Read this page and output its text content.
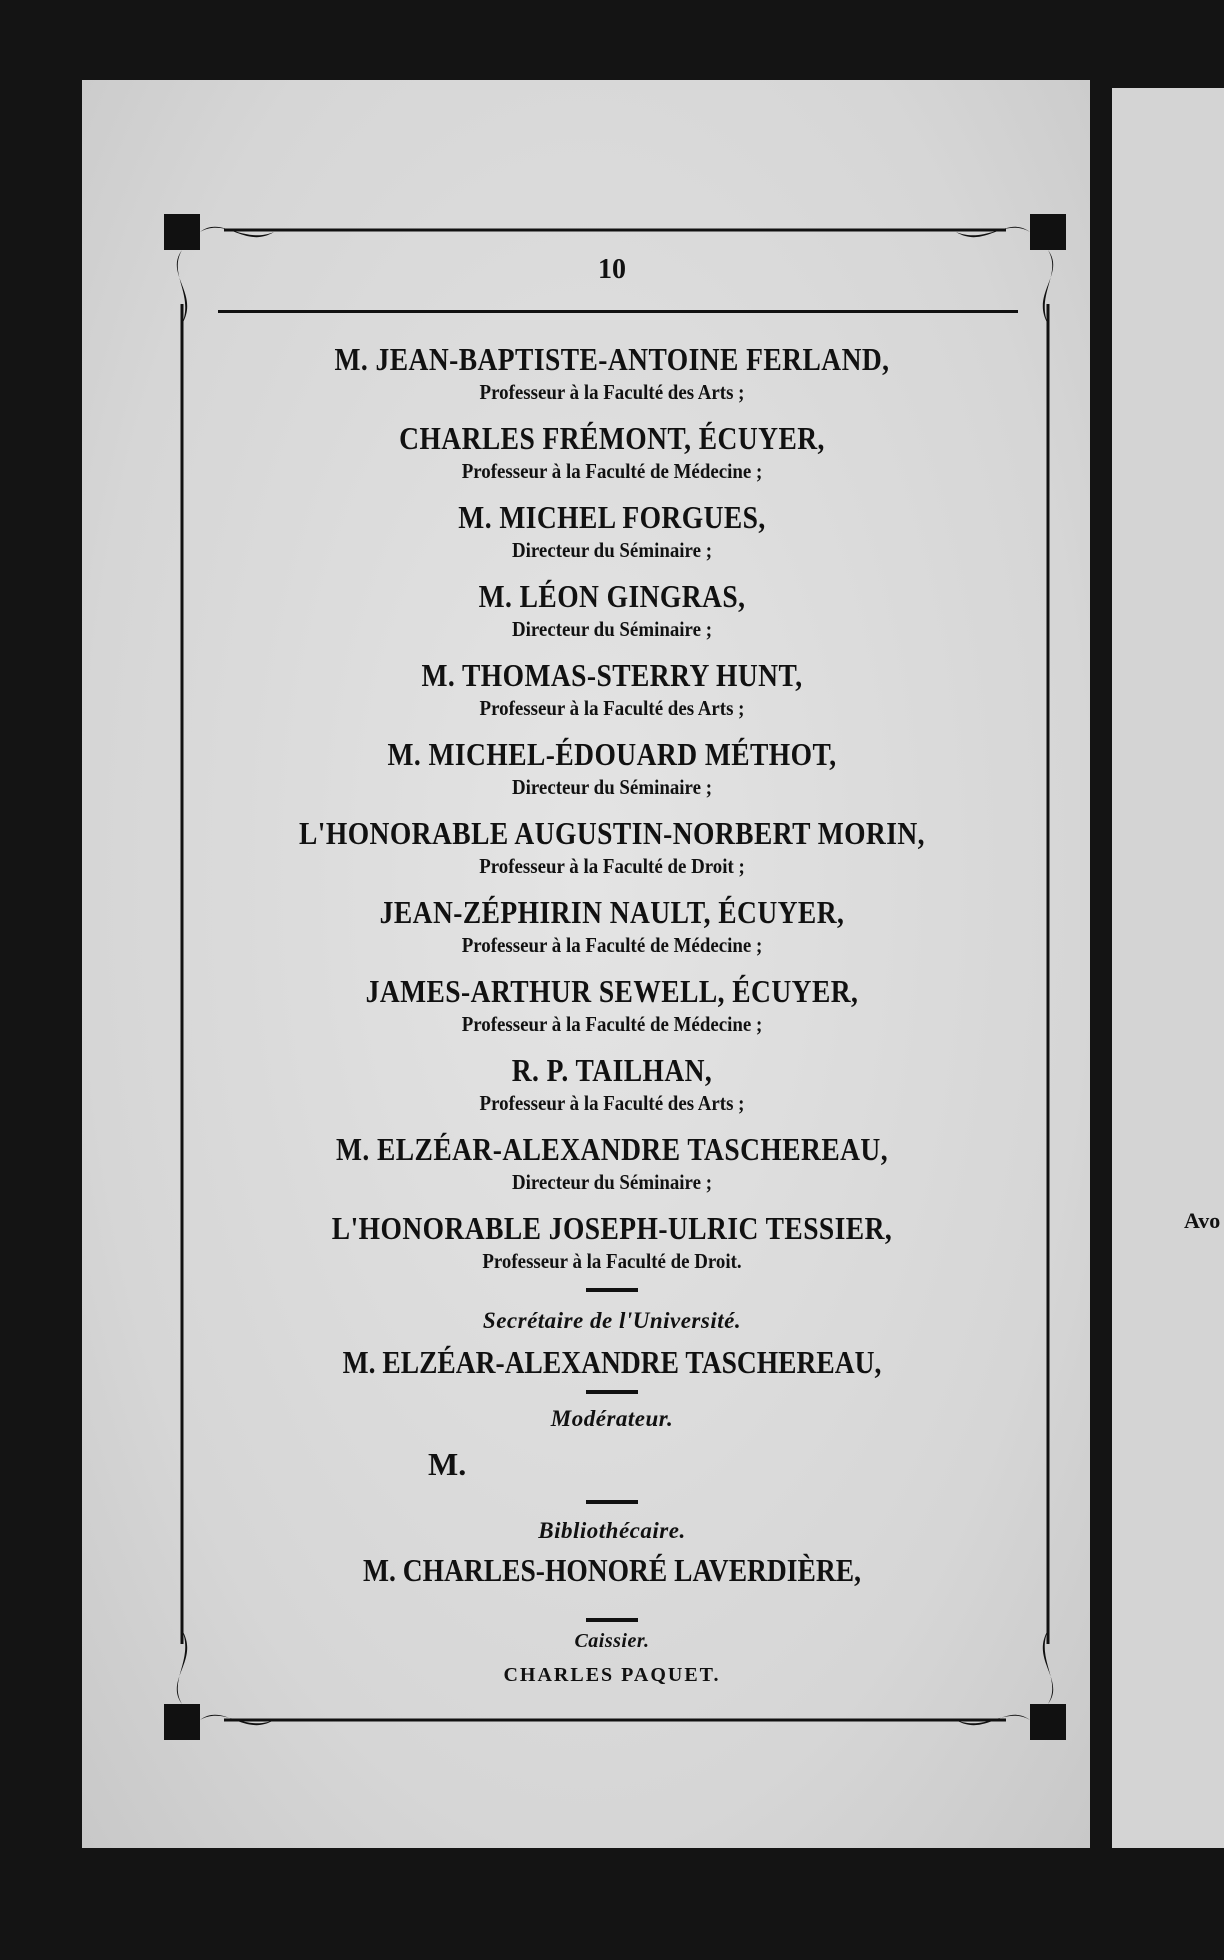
Avo
10
M. JEAN-BAPTISTE-ANTOINE FERLAND,
Professeur à la Faculté des Arts ;
CHARLES FRÉMONT, ÉCUYER,
Professeur à la Faculté de Médecine ;
M. MICHEL FORGUES,
Directeur du Séminaire ;
M. LÉON GINGRAS,
Directeur du Séminaire ;
M. THOMAS-STERRY HUNT,
Professeur à la Faculté des Arts ;
M. MICHEL-ÉDOUARD MÉTHOT,
Directeur du Séminaire ;
L'HONORABLE AUGUSTIN-NORBERT MORIN,
Professeur à la Faculté de Droit ;
JEAN-ZÉPHIRIN NAULT, ÉCUYER,
Professeur à la Faculté de Médecine ;
JAMES-ARTHUR SEWELL, ÉCUYER,
Professeur à la Faculté de Médecine ;
R. P. TAILHAN,
Professeur à la Faculté des Arts ;
M. ELZÉAR-ALEXANDRE TASCHEREAU,
Directeur du Séminaire ;
L'HONORABLE JOSEPH-ULRIC TESSIER,
Professeur à la Faculté de Droit.
Secrétaire de l'Université.
M. ELZÉAR-ALEXANDRE TASCHEREAU,
Modérateur.
M.
Bibliothécaire.
M. CHARLES-HONORÉ LAVERDIÈRE,
Caissier.
CHARLES PAQUET.
